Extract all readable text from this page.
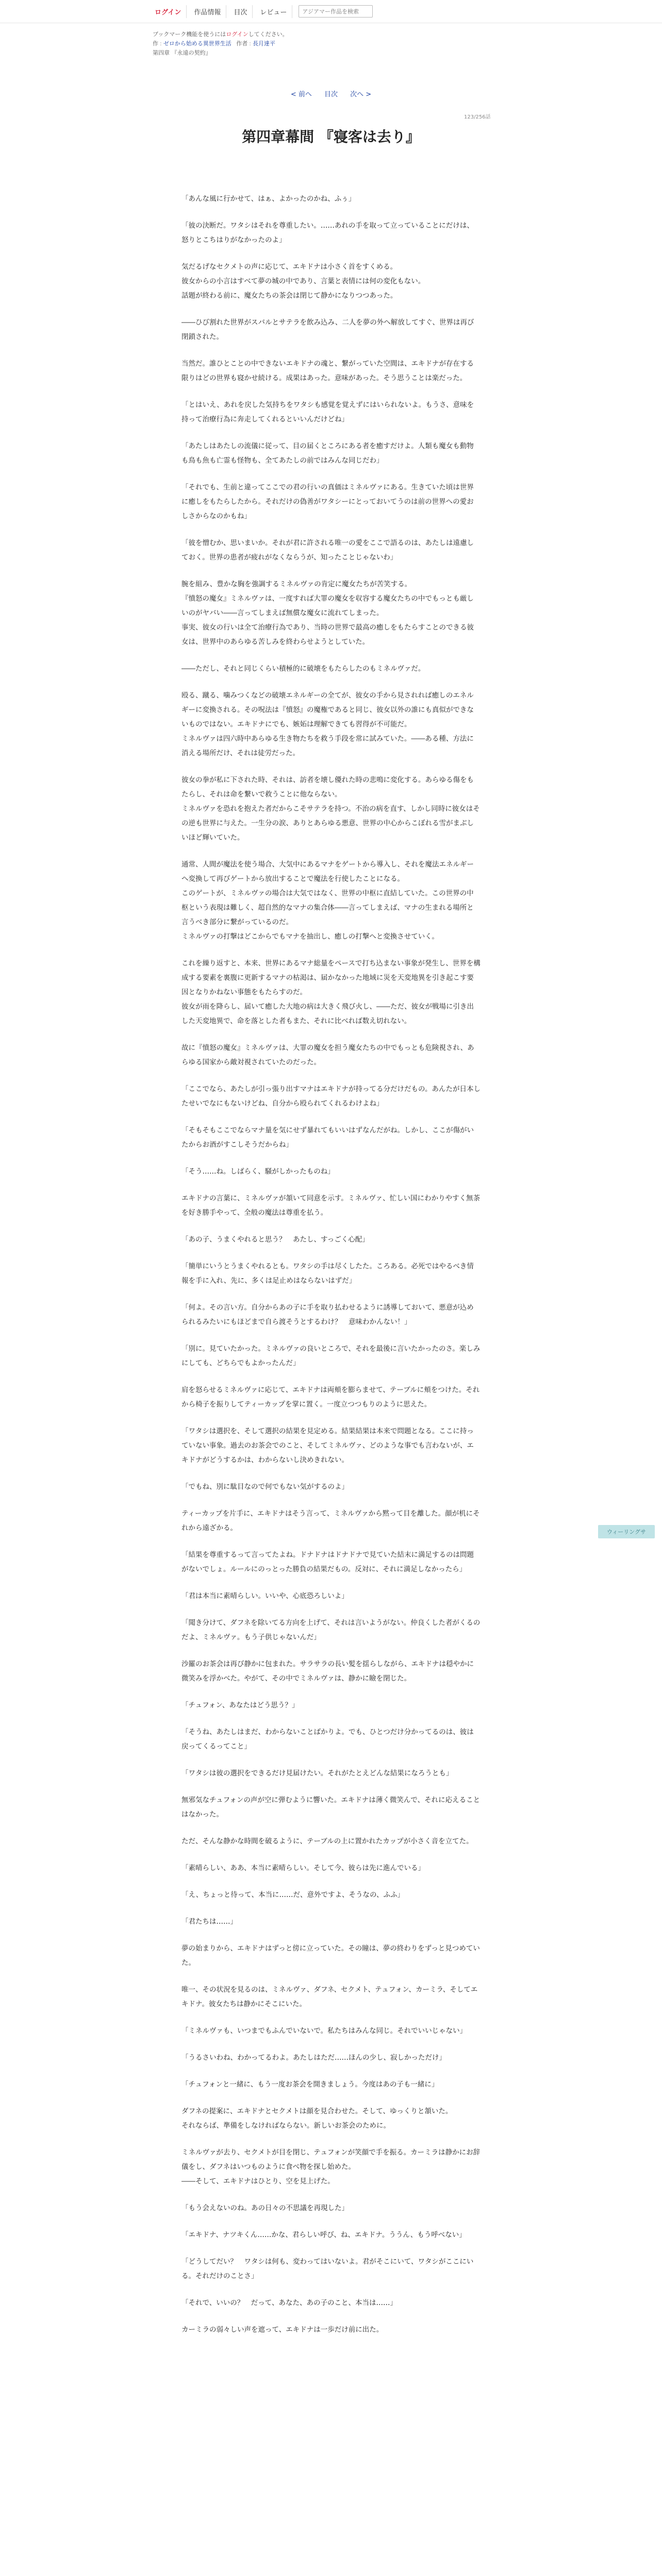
ログイン	作品情報	目次	レビュー
アジアマー作品を検索
ブックマーク機能を使うにはログインしてください。
作 : ゼロから始める異世界生活 作者 : 長月達平
第四章 『永遠の契約』
< 前へ 目次 次へ >
123/256話
第四章幕間 『寝客は去り』

「あんな風に行かせて、はぁ、よかったのかね、ふぅ」

「彼の決断だ。ワタシはそれを尊重したい。……あれの手を取って立っていることにだけは、怒りとこちはりがなかったのよ」

気だるげなセクメトの声に応じて、エキドナは小さく首をすくめる。
彼女からの小言はすべて夢の城の中であり、言葉と表情には何の変化もない。
話題が終わる前に、魔女たちの茶会は閉じて静かになりつつあった。

――ひび割れた世界がスバルとサテラを飲み込み、二人を夢の外へ解放してすぐ、世界は再び閉鎖された。

当然だ。誰ひとことの中できないエキドナの魂と、繋がっていた空間は、エキドナが存在する限りはどの世界も寝かせ続ける。成果はあった。意味があった。そう思うことは楽だった。

「とはいえ、あれを戻した気持ちをワタシも感覚を覚えずにはいられないよ。もうさ、意味を持って治療行為に奔走してくれるといいんだけどね」

「あたしはあたしの流儀に従って、目の届くところにある者を癒すだけよ。人類も魔女も動物も鳥も魚も亡霊も怪物も、全てあたしの前ではみんな同じだわ」

「それでも、生前と違ってここでの君の行いの真価はミネルヴァにある。生きていた頃は世界に癒しをもたらしたから。それだけの偽善がワタシーにとっておいてうのは前の世界への愛おしさからなのかもね」

「彼を憎むか、思いまいか。それが君に許される唯一の愛をここで語るのは、あたしは遠慮しておく。世界の患者が疲れがなくならうが、知ったことじゃないわ」

腕を組み、豊かな胸を強調するミネルヴァの肯定に魔女たちが苦笑する。
『憤怒の魔女』ミネルヴァは、一度すれば大罪の魔女を収容する魔女たちの中でもっとも厳しいのがヤバい――言ってしまえば無償な魔女に流れてしまった。
事実、彼女の行いは全て治療行為であり、当時の世界で最高の癒しをもたらすことのできる彼女は、世界中のあらゆる苦しみを終わらせようとしていた。

――ただし、それと同じくらい積極的に破壊をもたらしたのもミネルヴァだ。

殴る、蹴る、噛みつくなどの破壊エネルギーの全てが、彼女の手から見されれば癒しのエネルギーに変換される。その呪法は『憤怒』の魔権であると同じ、彼女以外の誰にも真似ができないものではない。エキドナにでも、嫉妬は理解できても習得が不可能だ。
ミネルヴァは四六時中あらゆる生き物たちを救う手段を常に試みていた。――ある種、方法に消える場所だけ、それは徒労だった。

彼女の拳が私に下された時、それは、訪者を壊し優れた時の悲鳴に変化する。あらゆる傷をもたらし、それは命を繋いで救うことに他ならない。
ミネルヴァを恐れを抱えた者だからこそサテラを持つ。不治の病を直す、しかし同時に彼女はその逆も世界に与えた。一生分の涙、ありとあらゆる悪意、世界の中心からこぼれる雪がまぶしいほど輝いていた。

通常、人間が魔法を使う場合、大気中にあるマナをゲートから導入し、それを魔法エネルギーへ変換して再びゲートから放出することで魔法を行使したことになる。
このゲートが、ミネルヴァの場合は大気ではなく、世界の中枢に直結していた。この世界の中枢という表現は難しく、超自然的なマナの集合体――言ってしまえば、マナの生まれる場所と言うべき部分に繋がっているのだ。
ミネルヴァの打撃はどこからでもマナを抽出し、癒しの打撃へと変換させていく。

これを繰り返すと、本来、世界にあるマナ総量をペースで打ち込まない事象が発生し、世界を構成する要素を裏腹に更新するマナの枯渇は、届かなかった地域に災を天変地異を引き起こす要因となりかねない事態をもたらすのだ。
彼女が雨を降らし、届いて癒した大地の病は大きく飛び火し、――ただ、彼女が戦場に引き出した天変地異で、命を落とした者もまた、それに比べれば数え切れない。

故に『憤怒の魔女』ミネルヴァは、大罪の魔女を担う魔女たちの中でもっとも危険視され、あらゆる国家から敵対視されていたのだった。

「ここでなら、あたしが引っ張り出すマナはエキドナが持ってる分だけだもの。あんたが日本したせいでなにもないけどね、自分から殴られてくれるわけよね」

「そもそもここでならマナ量を気にせず暴れてもいいはずなんだがね。しかし、ここが傷がいたからお酒がすこしそうだからね」

「そう……ね。しばらく、騒がしかったものね」

エキドナの言葉に、ミネルヴァが頷いて同意を示す。ミネルヴァ、忙しい国にわかりやすく無茶を好き勝手やって、全般の魔法は尊重を払う。

「あの子、うまくやれると思う？　あたし、すっごく心配」

「簡単にいうとうまくやれるとも。ワタシの手は尽くしたた。ころある。必死ではやるべき情報を手に入れ、先に、多くは足止めはならないはずだ」

「何よ。その言い方。自分からあの子に手を取り払わせるように誘導しておいて、悪意が込められるみたいにもほどまで自ら渡そうとするわけ？　意味わかんない！」

「別に。見ていたかった。ミネルヴァの良いところで、それを最後に言いたかったのさ。楽しみにしても、どちらでもよかったんだ」

肩を怒らせるミネルヴァに応じて、エキドナは両頬を膨らませて、テーブルに頬をつけた。それから椅子を振りしてティーカップを掌に置く。一度立つつもりのように思えた。

「ワタシは選択を、そして選択の結果を見定める。結果結果は本来で問題となる。ここに持っていない事象。過去のお茶会でのこと、そしてミネルヴァ、どのような事でも言わないが、エキドナがどうするかは、わからないし決めきれない。

「でもね、別に駄目なので何でもない気がするのよ」

ティーカップを片手に、エキドナはそう言って、ミネルヴァから黙って目を離した。顔が机にそれから遠ざかる。

「結果を尊重するって言ってたよね。ドナドナはドナドナで見ていた結末に満足するのは問題がないでしょ。ルールにのっとった勝負の結果だもの。反対に、それに満足しなかったら」

「君は本当に素晴らしい。いいや、心底恐ろしいよ」

「聞き分けて、ダフネを除いてる方向を上げて、それは言いようがない。仲良くした者がくるのだよ、ミネルヴァ。もう子供じゃないんだ」

沙羅のお茶会は再び静かに包まれた。サラサラの長い髪を揺らしながら、エキドナは穏やかに微笑みを浮かべた。やがて、その中でミネルヴァは、静かに瞼を閉じた。

「チュフォン、あなたはどう思う？」

「そうね、あたしはまだ、わからないことばかりよ。でも、ひとつだけ分かってるのは、彼は戻ってくるってこと」

「ワタシは彼の選択をできるだけ見届けたい。それがたとえどんな結果になろうとも」

無邪気なチュフォンの声が空に弾むように響いた。エキドナは薄く微笑んで、それに応えることはなかった。

ただ、そんな静かな時間を破るように、テーブルの上に置かれたカップが小さく音を立てた。

「素晴らしい、ああ、本当に素晴らしい。そして今、彼らは先に進んでいる」

「え、ちょっと待って、本当に……だ、意外ですよ、そうなの、ふふ」

「君たちは……」

夢の始まりから、エキドナはずっと傍に立っていた。その瞳は、夢の終わりをずっと見つめていた。

唯一、その状況を見るのは、ミネルヴァ、ダフネ、セクメト、テュフォン、カーミラ、そしてエキドナ。彼女たちは静かにそこにいた。

「ミネルヴァも、いつまでもふんでいないで。私たちはみんな同じ。それでいいじゃない」

「うるさいわね、わかってるわよ。あたしはただ……ほんの少し、寂しかっただけ」

「チュフォンと一緒に、もう一度お茶会を開きましょう。今度はあの子も一緒に」

ダフネの提案に、エキドナとセクメトは顔を見合わせた。そして、ゆっくりと頷いた。
それならば、準備をしなければならない。新しいお茶会のために。

ミネルヴァが去り、セクメトが目を閉じ、テュフォンが笑顔で手を振る。カーミラは静かにお辞儀をし、ダフネはいつものように食べ物を探し始めた。
――そして、エキドナはひとり、空を見上げた。

「もう会えないのね。あの日々の不思議を再現した」

「エキドナ、ナツキくん……かな、君らしい呼び、ね、エキドナ。ううん、もう呼べない」

「どうしてだい？　ワタシは何も、変わってはいないよ。君がそこにいて、ワタシがここにいる。それだけのことさ」

「それで、いいの？　だって、あなた、あの子のこと、本当は……」

カーミラの弱々しい声を遮って、エキドナは一歩だけ前に出た。

ウィーリングサ
